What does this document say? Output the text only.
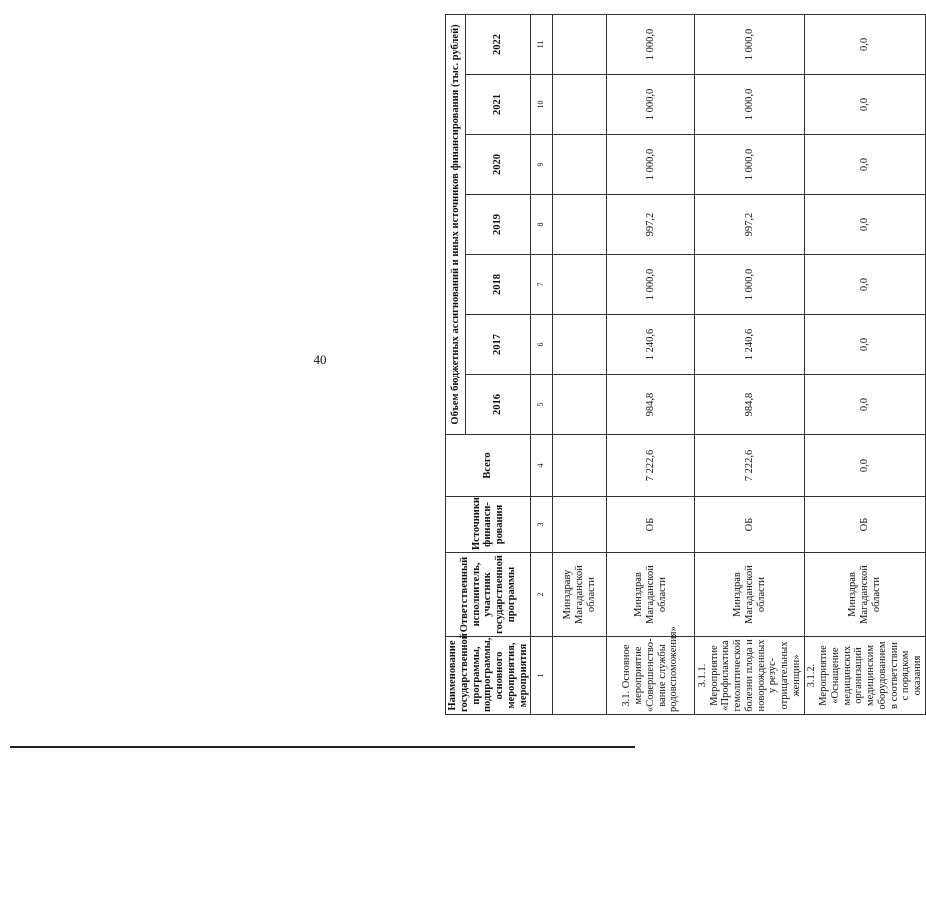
40
Наименование государственной программы, подпрограммы, основного мероприятия, мероприятия	Ответственный исполнитель, участник государственной программы	Источники финанси-рования	Всего	Объем бюджетных ассигнований и иных источников финансирования (тыс. рублей)						
				2016	2017	2018	2019	2020	2021	2022
1	2	3	4	5	6	7	8	9	10	11
	Минздраву Магаданской области									
3.1. Основное мероприятие «Совершенство-вание службы родовспоможения»	Минздрав Магаданской области	ОБ	7 222,6	984,8	1 240,6	1 000,0	997,2	1 000,0	1 000,0	1 000,0
3.1.1. Мероприятие «Профилактика гемолитической болезни плода и новорожденных у резус-отрицательных женщин»	Минздрав Магаданской области	ОБ	7 222,6	984,8	1 240,6	1 000,0	997,2	1 000,0	1 000,0	1 000,0
3.1.2. Мероприятие «Оснащение медицинских организаций медицинским оборудованием в соответствии с порядком оказания	Минздрав Магаданской области	ОБ	0,0	0,0	0,0	0,0	0,0	0,0	0,0	0,0
